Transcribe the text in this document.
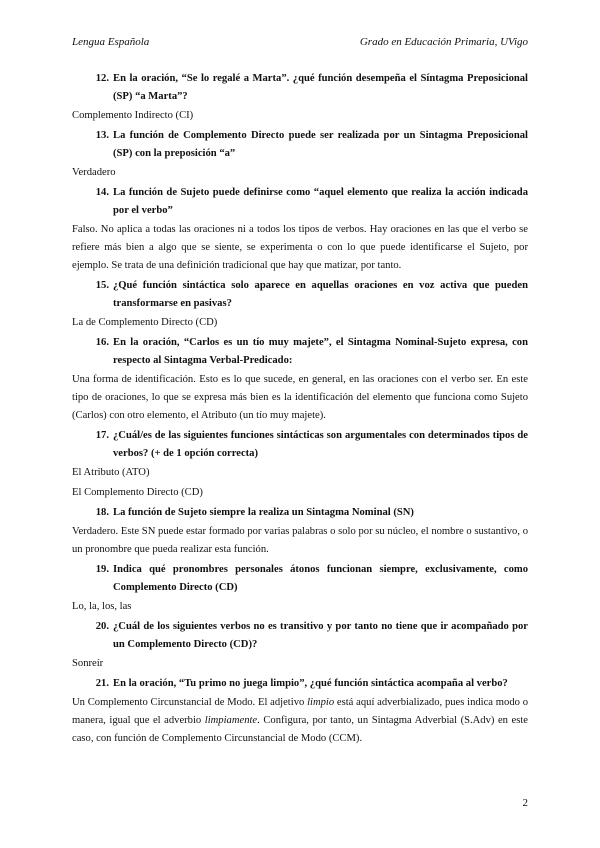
Lengua Española	Grado en Educación Primaria, UVigo
12. En la oración, “Se lo regalé a Marta”. ¿qué función desempeña el Síntagma Preposicional (SP) “a Marta”?
Complemento Indirecto (CI)
13. La función de Complemento Directo puede ser realizada por un Sintagma Preposicional (SP) con la preposición “a”
Verdadero
14. La función de Sujeto puede definirse como “aquel elemento que realiza la acción indicada por el verbo”
Falso. No aplica a todas las oraciones ni a todos los tipos de verbos. Hay oraciones en las que el verbo se refiere más bien a algo que se siente, se experimenta o con lo que puede identificarse el Sujeto, por ejemplo. Se trata de una definición tradicional que hay que matizar, por tanto.
15. ¿Qué función sintáctica solo aparece en aquellas oraciones en voz activa que pueden transformarse en pasivas?
La de Complemento Directo (CD)
16. En la oración, “Carlos es un tío muy majete”, el Sintagma Nominal-Sujeto expresa, con respecto al Sintagma Verbal-Predicado:
Una forma de identificación. Esto es lo que sucede, en general, en las oraciones con el verbo ser. En este tipo de oraciones, lo que se expresa más bien es la identificación del elemento que funciona como Sujeto (Carlos) con otro elemento, el Atributo (un tío muy majete).
17. ¿Cuál/es de las siguientes funciones sintácticas son argumentales con determinados tipos de verbos? (+ de 1 opción correcta)
El Atributo (ATO)
El Complemento Directo (CD)
18. La función de Sujeto siempre la realiza un Sintagma Nominal (SN)
Verdadero. Este SN puede estar formado por varias palabras o solo por su núcleo, el nombre o sustantivo, o un pronombre que pueda realizar esta función.
19. Indica qué pronombres personales átonos funcionan siempre, exclusivamente, como Complemento Directo (CD)
Lo, la, los, las
20. ¿Cuál de los siguientes verbos no es transitivo y por tanto no tiene que ir acompañado por un Complemento Directo (CD)?
Sonreír
21. En la oración, “Tu primo no juega limpio”, ¿qué función sintáctica acompaña al verbo?
Un Complemento Circunstancial de Modo. El adjetivo limpio está aquí adverbializado, pues indica modo o manera, igual que el adverbio limpiamente. Configura, por tanto, un Sintagma Adverbial (S.Adv) en este caso, con función de Complemento Circunstancial de Modo (CCM).
2
